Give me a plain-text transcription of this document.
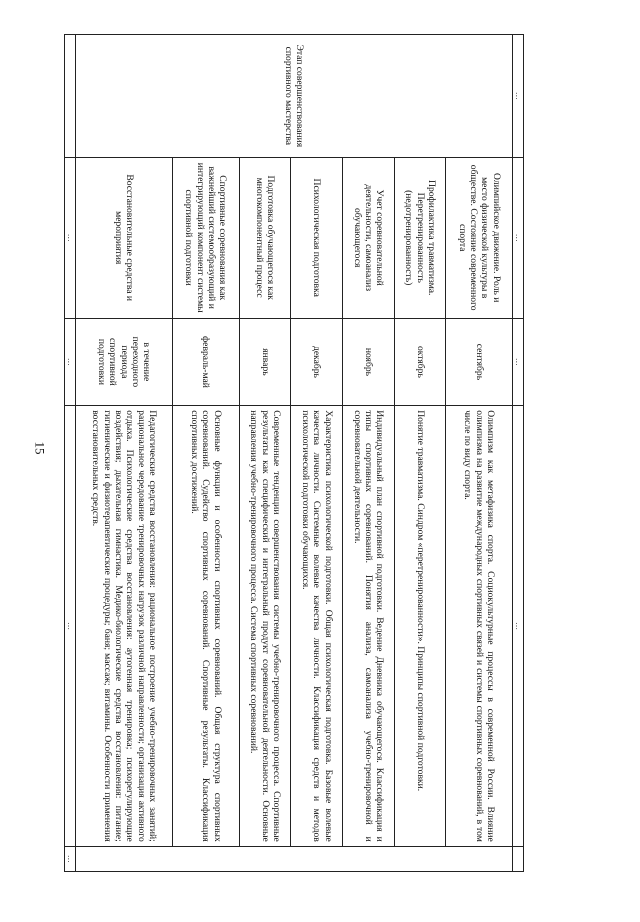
15
…	…	…	…	
Этап совершенствования спортивного мастерства	Олимпийское движение. Роль и место физической культуры в обществе. Состояние современного спорта	сентябрь	Олимпизм как метафизика спорта. Социокультурные процессы в современной России. Влияние олимпизма на развитие международных спортивных связей и системы спортивных соревнований, в том числе по виду спорта.	
	Профилактика травматизма. Перетренированность (недотренированность)	октябрь	Понятие травматизма. Синдром «перетренированности». Принципы спортивной подготовки.	
	Учет соревновательной деятельности, самоанализ обучающегося	ноябрь	Индивидуальный план спортивной подготовки. Ведение Дневника обучающегося. Классификация и типы спортивных соревнований. Понятия анализа, самоанализа учебно-тренировочной и соревновательной деятельности.	
	Психологическая подготовка	декабрь	Характеристика психологической подготовки. Общая психологическая подготовка. Базовые волевые качества личности. Системные волевые качества личности. Классификация средств и методов психологической подготовки обучающихся.	
	Подготовка обучающегося как многокомпонентный процесс	январь	Современные тенденции совершенствования системы учебно-тренировочного процесса. Спортивные результаты как специфический и интегральный продукт соревновательной деятельности. Основные направления учебно-тренировочного процесса. Система спортивных соревнований.	
	Спортивные соревнования как важнейший системообразующий и интегрирующий компонент системы спортивной подготовки	февраль-май	Основные функции и особенности спортивных соревнований. Общая структура спортивных соревнований. Судейство спортивных соревнований. Спортивные результаты. Классификация спортивных достижений.	
	Восстановительные средства и мероприятия	в течение переходного периода спортивной подготовки	Педагогические средства восстановления: рациональное построение учебно-тренировочных занятий; рациональное чередование тренировочных нагрузок различной направленности; организация активного отдыха. Психологические средства восстановления: аутогенная тренировка; психорегулирующие воздействия; дыхательная гимнастика. Медико-биологические средства восстановления: питание; гигиенические и физиотерапевтические процедуры; баня; массаж; витамины. Особенности применения восстановительных средств.	
	…	…	…	…
